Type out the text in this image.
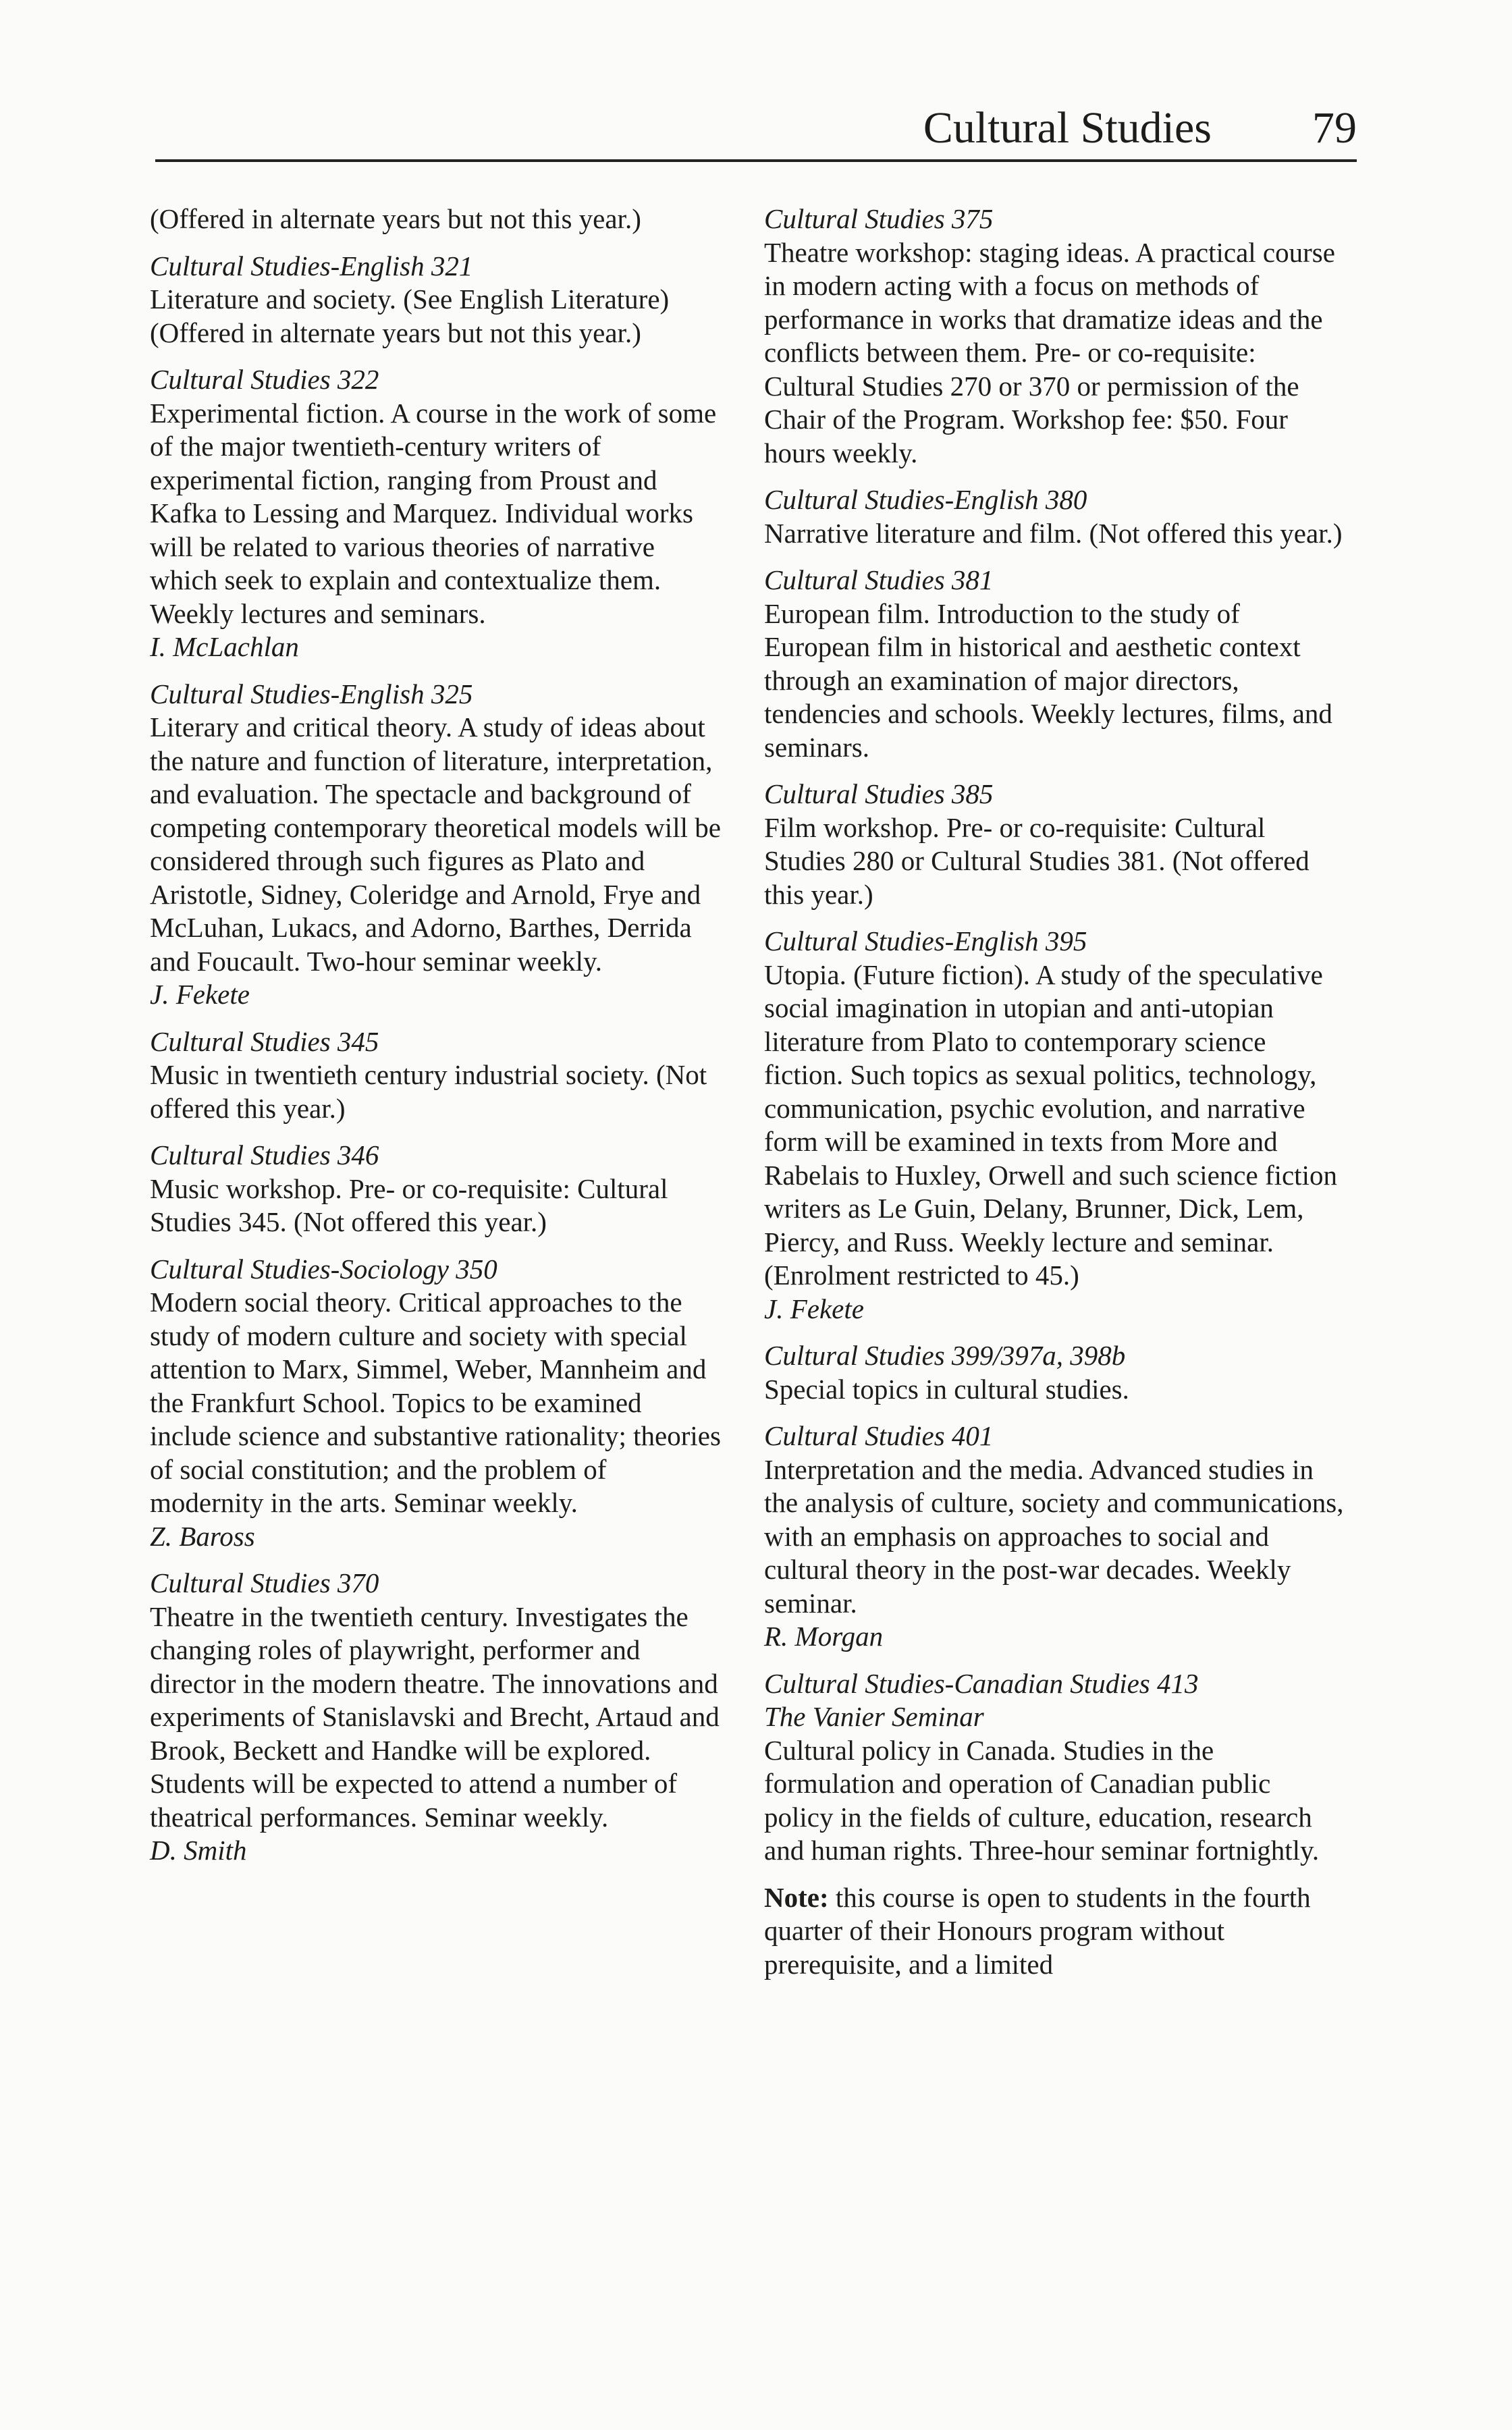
Cultural Studies 79

(Offered in alternate years but not this year.)

Cultural Studies-English 321

Literature and society. (See English Literature) (Offered in alternate years but not this year.)

Cultural Studies 322

Experimental fiction. A course in the work of some of the major twentieth-century writers of experimental fiction, ranging from Proust and Kafka to Lessing and Marquez. Individual works will be related to various theories of narrative which seek to explain and contextualize them. Weekly lectures and seminars.

I. McLachlan
Cultural Studies-English 325

Literary and critical theory. A study of ideas about the nature and function of literature, interpretation, and evaluation. The spectacle and background of competing contemporary theoretical models will be considered through such figures as Plato and Aristotle, Sidney, Coleridge and Arnold, Frye and McLuhan, Lukacs, and Adorno, Barthes, Derrida and Foucault. Two-hour seminar weekly.

J. Fekete
Cultural Studies 345

Music in twentieth century industrial society. (Not offered this year.)

Cultural Studies 346

Music workshop. Pre- or co-requisite: Cultural Studies 345. (Not offered this year.)

Cultural Studies-Sociology 350

Modern social theory. Critical approaches to the study of modern culture and society with special attention to Marx, Simmel, Weber, Mannheim and the Frankfurt School. Topics to be examined include science and substantive rationality; theories of social constitution; and the problem of modernity in the arts. Seminar weekly.

Z. Baross
Cultural Studies 370

Theatre in the twentieth century. Investigates the changing roles of playwright, performer and director in the modern theatre. The innovations and experiments of Stanislavski and Brecht, Artaud and Brook, Beckett and Handke will be explored. Students will be expected to attend a number of theatrical performances. Seminar weekly.

D. Smith
Cultural Studies 375

Theatre workshop: staging ideas. A practical course in modern acting with a focus on methods of performance in works that dramatize ideas and the conflicts between them. Pre- or co-requisite: Cultural Studies 270 or 370 or permission of the Chair of the Program. Workshop fee: $50. Four hours weekly.

Cultural Studies-English 380

Narrative literature and film. (Not offered this year.)

Cultural Studies 381

European film. Introduction to the study of European film in historical and aesthetic context through an examination of major directors, tendencies and schools. Weekly lectures, films, and seminars.

Cultural Studies 385

Film workshop. Pre- or co-requisite: Cultural Studies 280 or Cultural Studies 381. (Not offered this year.)

Cultural Studies-English 395

Utopia. (Future fiction). A study of the speculative social imagination in utopian and anti-utopian literature from Plato to contemporary science fiction. Such topics as sexual politics, technology, communication, psychic evolution, and narrative form will be examined in texts from More and Rabelais to Huxley, Orwell and such science fiction writers as Le Guin, Delany, Brunner, Dick, Lem, Piercy, and Russ. Weekly lecture and seminar. (Enrolment restricted to 45.)

J. Fekete
Cultural Studies 399/397a, 398b

Special topics in cultural studies.

Cultural Studies 401

Interpretation and the media. Advanced studies in the analysis of culture, society and communications, with an emphasis on approaches to social and cultural theory in the post-war decades. Weekly seminar.

R. Morgan
Cultural Studies-Canadian Studies 413
The Vanier Seminar

Cultural policy in Canada. Studies in the formulation and operation of Canadian public policy in the fields of culture, education, research and human rights. Three-hour seminar fortnightly.

Note: this course is open to students in the fourth quarter of their Honours program without prerequisite, and a limited
